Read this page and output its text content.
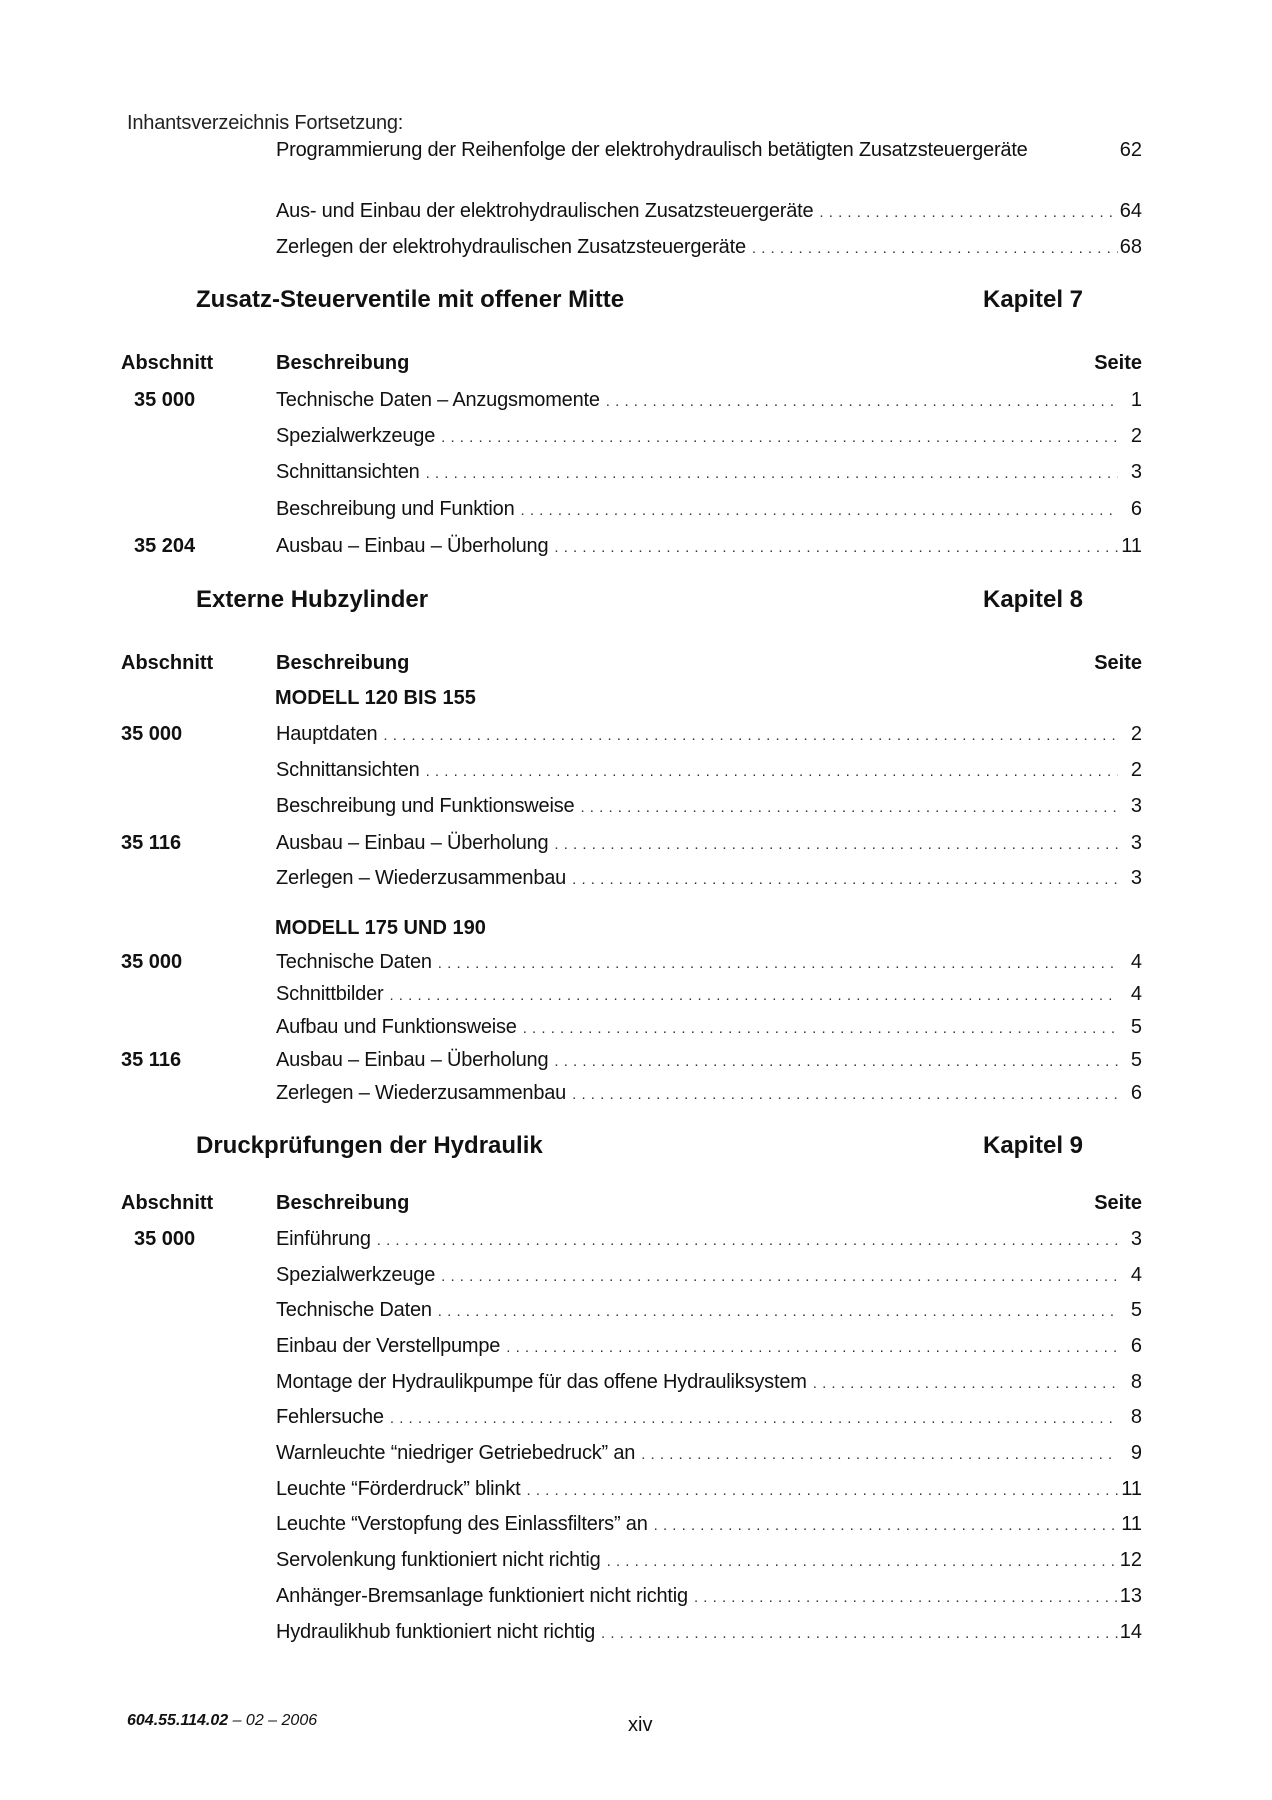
Inhantsverzeichnis Fortsetzung:
Programmierung der Reihenfolge der elektrohydraulisch betätigten Zusatzsteuergeräte	62
Aus- und Einbau der elektrohydraulischen Zusatzsteuergeräte . . .	64
Zerlegen der elektrohydraulischen Zusatzsteuergeräte . . .	68
Zusatz-Steuerventile mit offener Mitte	Kapitel 7
Abschnitt	Beschreibung	Seite
35 000	Technische Daten – Anzugsmomente . . .	1
Spezialwerkzeuge . . .	2
Schnittansichten . . .	3
Beschreibung und Funktion . . .	6
35 204	Ausbau – Einbau – Überholung . . .	11
Externe Hubzylinder	Kapitel 8
Abschnitt	Beschreibung	Seite
MODELL 120 BIS 155
35 000	Hauptdaten . . .	2
Schnittansichten . . .	2
Beschreibung und Funktionsweise . . .	3
35 116	Ausbau – Einbau – Überholung . . .	3
Zerlegen – Wiederzusammenbau . . .	3
MODELL 175 UND 190
35 000	Technische Daten . . .	4
Schnittbilder . . .	4
Aufbau und Funktionsweise . . .	5
35 116	Ausbau – Einbau – Überholung . . .	5
Zerlegen – Wiederzusammenbau . . .	6
Druckprüfungen der Hydraulik	Kapitel 9
Abschnitt	Beschreibung	Seite
35 000	Einführung . . .	3
Spezialwerkzeuge . . .	4
Technische Daten . . .	5
Einbau der Verstellpumpe . . .	6
Montage der Hydraulikpumpe für das offene Hydrauliksystem . . .	8
Fehlersuche . . .	8
Warnleuchte “niedriger Getriebedruck” an . . .	9
Leuchte “Förderdruck” blinkt . . .	11
Leuchte “Verstopfung des Einlassfilters” an . . .	11
Servolenkung funktioniert nicht richtig . . .	12
Anhänger-Bremsanlage funktioniert nicht richtig . . .	13
Hydraulikhub funktioniert nicht richtig . . .	14
604.55.114.02 – 02 – 2006	xiv
